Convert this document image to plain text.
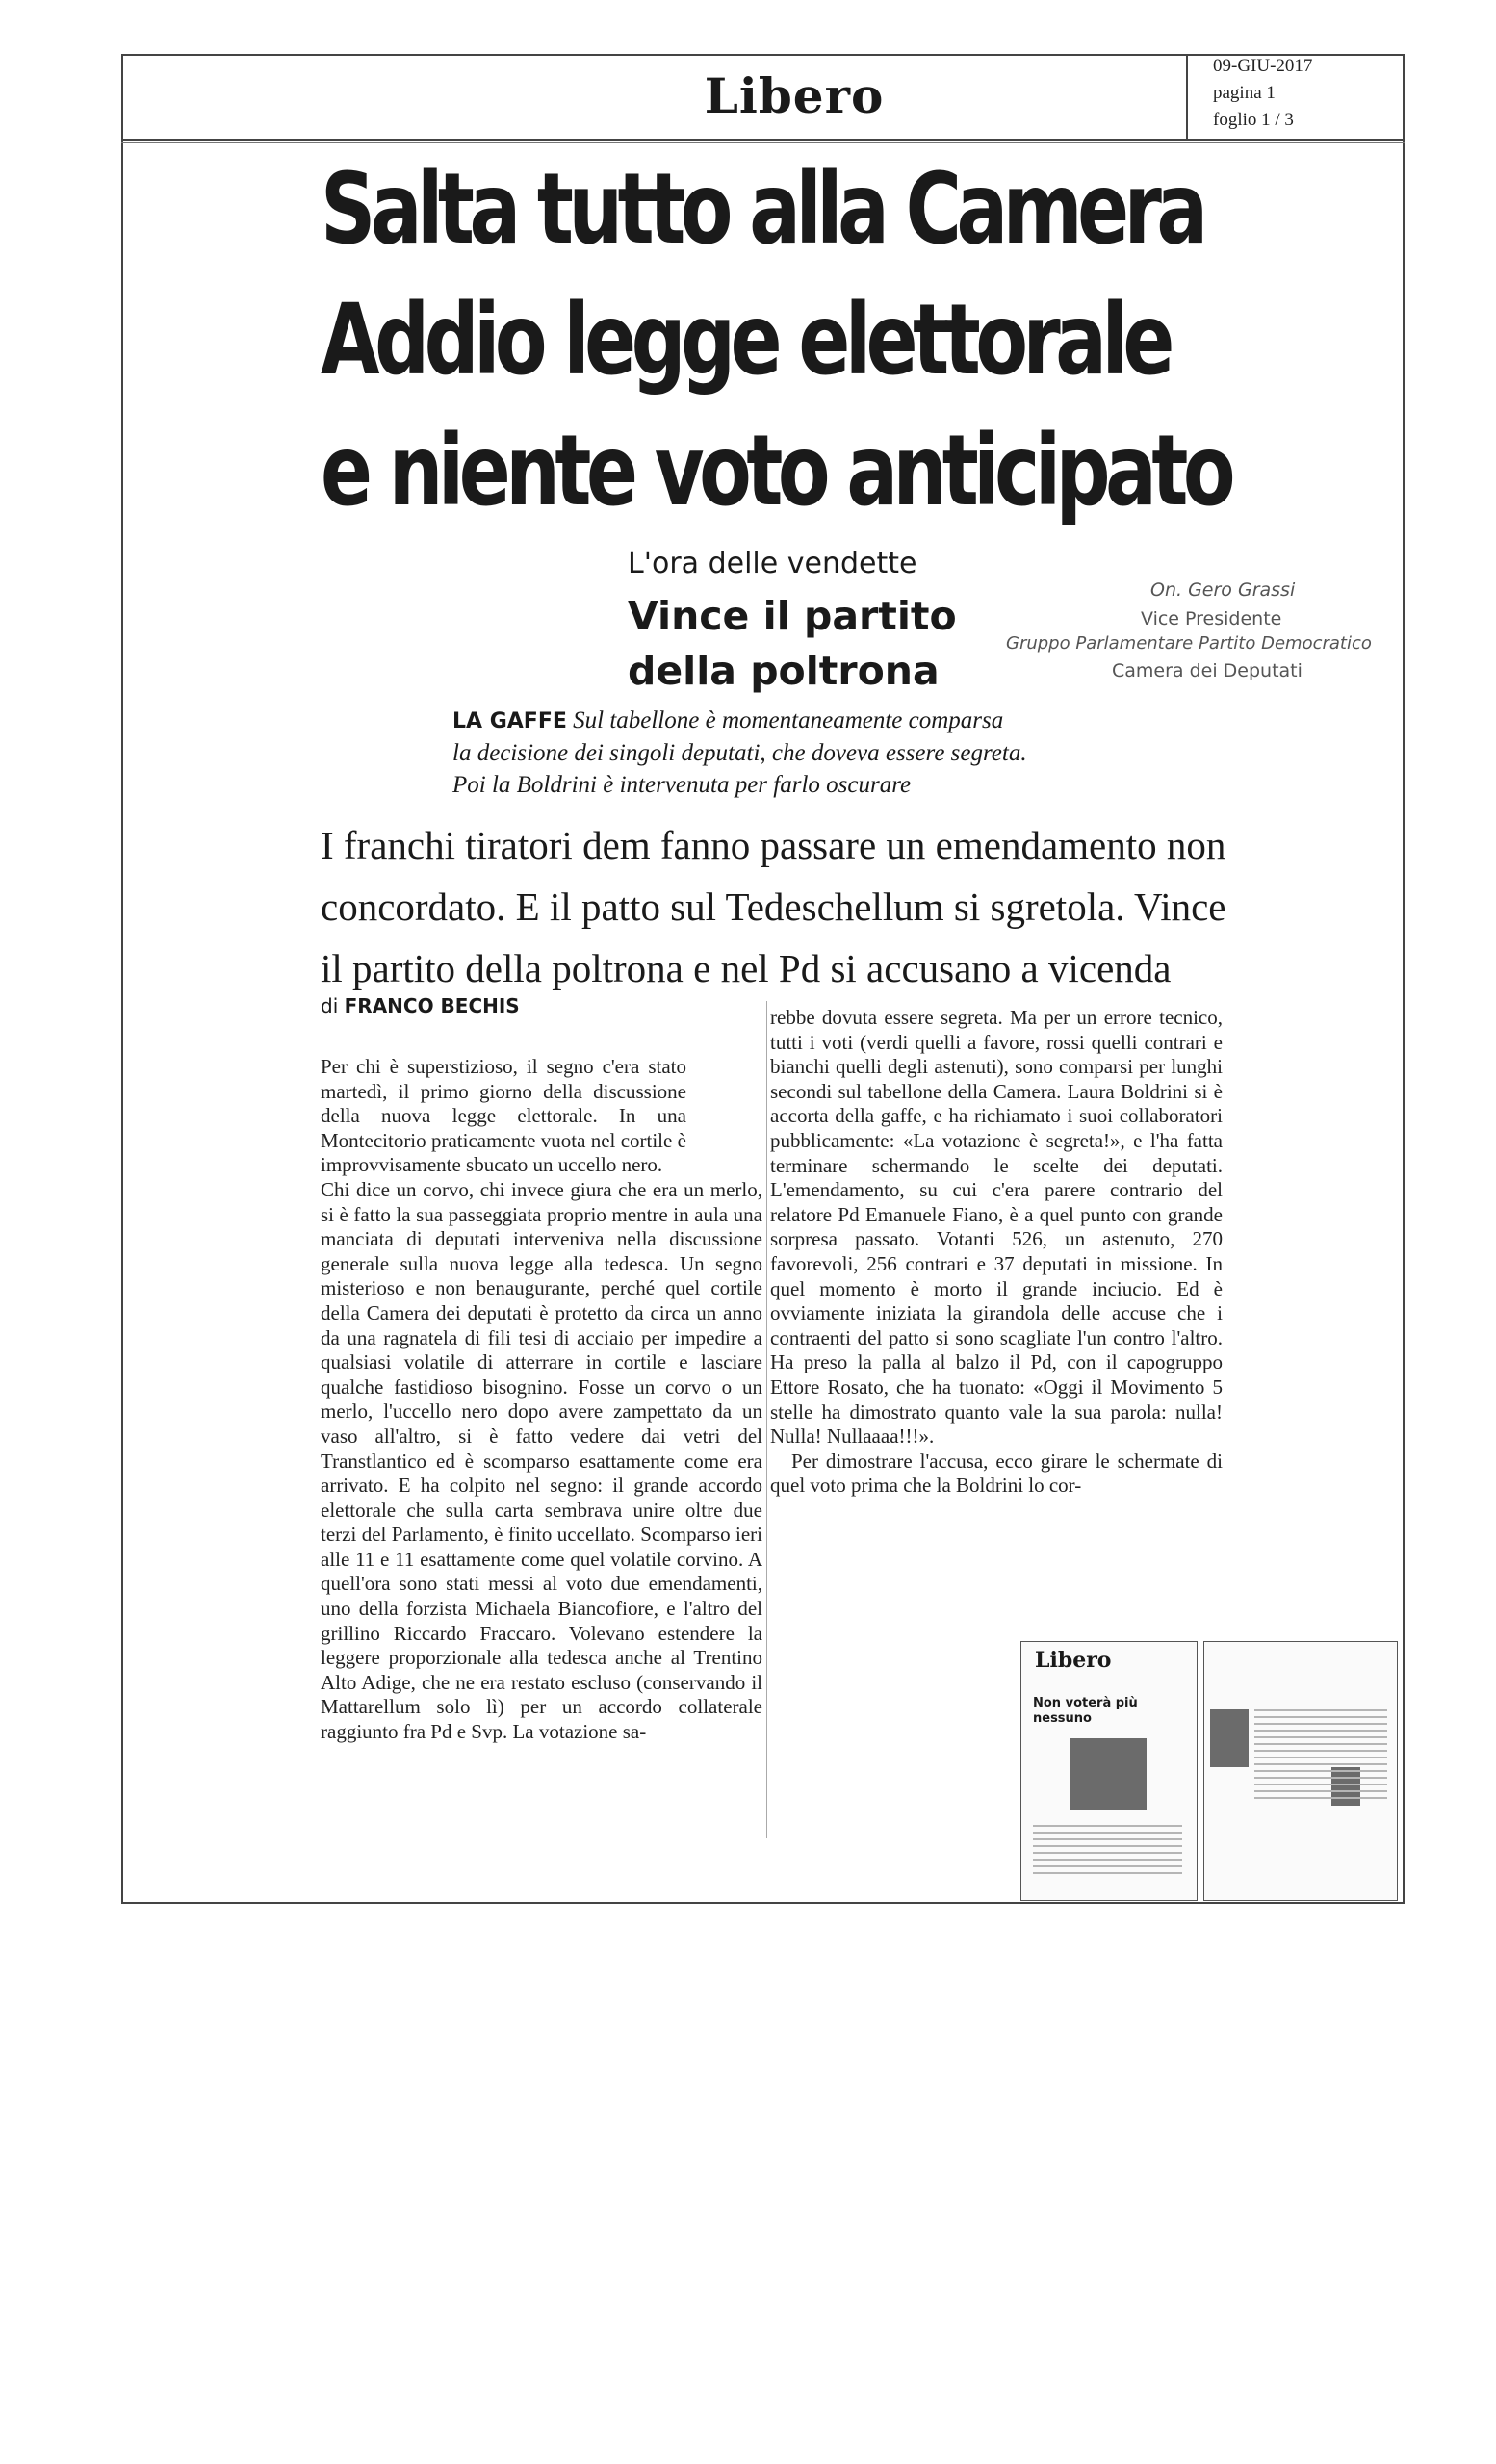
Libero
09-GIU-2017
pagina 1
foglio 1 / 3
Salta tutto alla Camera
Addio legge elettorale
e niente voto anticipato
L'ora delle vendette
Vince il partito
della poltrona
On. Gero Grassi
Vice Presidente
Gruppo Parlamentare Partito Democratico
Camera dei Deputati
LA GAFFE Sul tabellone è momentaneamente comparsa
la decisione dei singoli deputati, che doveva essere segreta.
Poi la Boldrini è intervenuta per farlo oscurare
I franchi tiratori dem fanno passare un emendamento non
concordato. E il patto sul Tedeschellum si sgretola. Vince
il partito della poltrona e nel Pd si accusano a vicenda
di FRANCO BECHIS

Per chi è superstizioso, il segno c'era stato martedì, il primo giorno della discussione della nuova legge elettorale. In una Montecitorio praticamente vuota nel cortile è improvvisamente sbucato un uccello nero.

Chi dice un corvo, chi invece giura che era un merlo, si è fatto la sua passeggiata proprio mentre in aula una manciata di deputati interveniva nella discussione generale sulla nuova legge alla tedesca. Un segno misterioso e non benaugurante, perché quel cortile della Camera dei deputati è protetto da circa un anno da una ragnatela di fili tesi di acciaio per impedire a qualsiasi volatile di atterrare in cortile e lasciare qualche fastidioso bisognino. Fosse un corvo o un merlo, l'uccello nero dopo avere zampettato da un vaso all'altro, si è fatto vedere dai vetri del Transtlantico ed è scomparso esattamente come era arrivato. E ha colpito nel segno: il grande accordo elettorale che sulla carta sembrava unire oltre due terzi del Parlamento, è finito uccellato. Scomparso ieri alle 11 e 11 esattamente come quel volatile corvino. A quell'ora sono stati messi al voto due emendamenti, uno della forzista Michaela Biancofiore, e l'altro del grillino Riccardo Fraccaro. Volevano estendere la leggere proporzionale alla tedesca anche al Trentino Alto Adige, che ne era restato escluso (conservando il Mattarellum solo lì) per un accordo collaterale raggiunto fra Pd e Svp. La votazione sa-

rebbe dovuta essere segreta. Ma per un errore tecnico, tutti i voti (verdi quelli a favore, rossi quelli contrari e bianchi quelli degli astenuti), sono comparsi per lunghi secondi sul tabellone della Camera. Laura Boldrini si è accorta della gaffe, e ha richiamato i suoi collaboratori pubblicamente: «La votazione è segreta!», e l'ha fatta terminare schermando le scelte dei deputati. L'emendamento, su cui c'era parere contrario del relatore Pd Emanuele Fiano, è a quel punto con grande sorpresa passato. Votanti 526, un astenuto, 270 favorevoli, 256 contrari e 37 deputati in missione. In quel momento è morto il grande inciucio. Ed è ovviamente iniziata la girandola delle accuse che i contraenti del patto si sono scagliate l'un contro l'altro. Ha preso la palla al balzo il Pd, con il capogruppo Ettore Rosato, che ha tuonato: «Oggi il Movimento 5 stelle ha dimostrato quanto vale la sua parola: nulla! Nulla! Nullaaaa!!!».

Per dimostrare l'accusa, ecco girare le schermate di quel voto prima che la Boldrini lo cor-

Libero
Non voterà più nessuno
